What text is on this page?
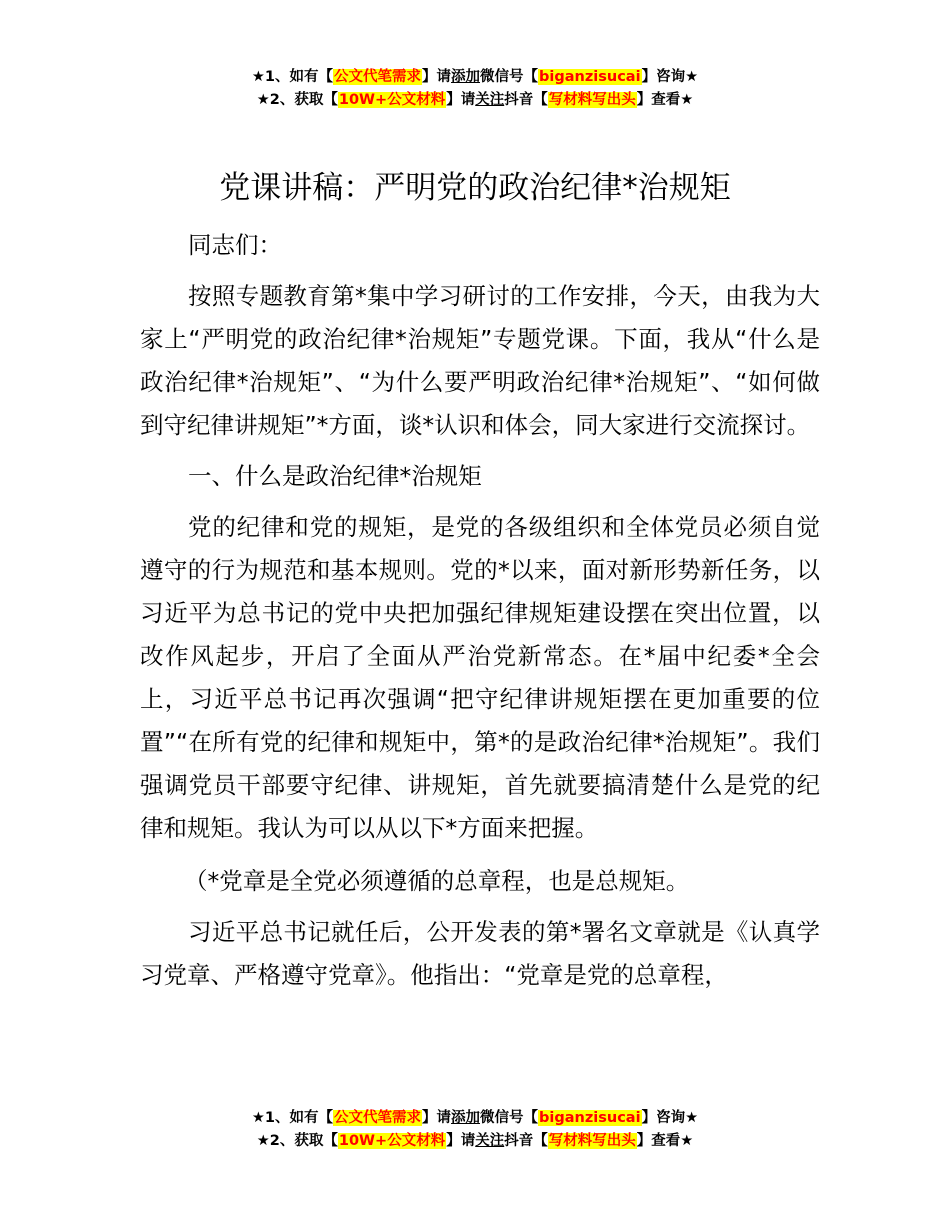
★1、如有【公文代笔需求】请添加微信号【biganzisucai】咨询★
★2、获取【10W+公文材料】请关注抖音【写材料写出头】查看★
党课讲稿：严明党的政治纪律*治规矩

同志们：

按照专题教育第*集中学习研讨的工作安排，今天，由我为大家上“严明党的政治纪律*治规矩”专题党课。下面，我从“什么是政治纪律*治规矩”、“为什么要严明政治纪律*治规矩”、“如何做到守纪律讲规矩”*方面，谈*认识和体会，同大家进行交流探讨。

一、什么是政治纪律*治规矩

党的纪律和党的规矩，是党的各级组织和全体党员必须自觉遵守的行为规范和基本规则。党的*以来，面对新形势新任务，以习近平为总书记的党中央把加强纪律规矩建设摆在突出位置，以改作风起步，开启了全面从严治党新常态。在*届中纪委*全会上，习近平总书记再次强调“把守纪律讲规矩摆在更加重要的位置”“在所有党的纪律和规矩中，第*的是政治纪律*治规矩”。我们强调党员干部要守纪律、讲规矩，首先就要搞清楚什么是党的纪律和规矩。我认为可以从以下*方面来把握。

（*党章是全党必须遵循的总章程，也是总规矩。

习近平总书记就任后，公开发表的第*署名文章就是《认真学习党章、严格遵守党章》。他指出：“党章是党的总章程，

★1、如有【公文代笔需求】请添加微信号【biganzisucai】咨询★
★2、获取【10W+公文材料】请关注抖音【写材料写出头】查看★
